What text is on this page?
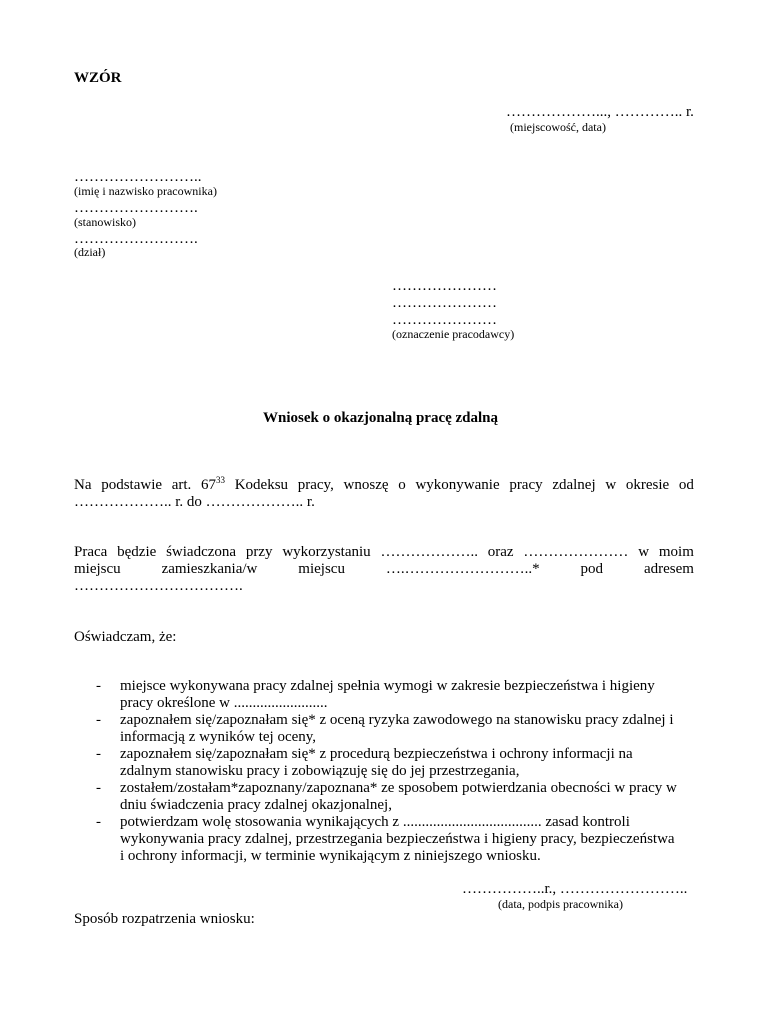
WZÓR
………………..., ………….. r.
(miejscowość, data)
……………………..
(imię i nazwisko pracownika)
…………………….
(stanowisko)
…………………….
(dział)
…………………
…………………
…………………
(oznaczenie pracodawcy)
Wniosek o okazjonalną pracę zdalną
Na podstawie art. 6733 Kodeksu pracy, wnoszę o wykonywanie pracy zdalnej w okresie od
……………….. r. do ……………….. r.
Praca będzie świadczona przy wykorzystaniu ……………….. oraz ………………… w moim
miejscu	zamieszkania/w	miejscu	….……………………..*	pod	adresem
…………………………….
Oświadczam, że:
- miejsce wykonywana pracy zdalnej spełnia wymogi w zakresie bezpieczeństwa i higieny
pracy określone w .........................
- zapoznałem się/zapoznałam się* z oceną ryzyka zawodowego na stanowisku pracy zdalnej i
informacją z wyników tej oceny,
- zapoznałem się/zapoznałam się* z procedurą bezpieczeństwa i ochrony informacji na
zdalnym stanowisku pracy i zobowiązuję się do jej przestrzegania,
- zostałem/zostałam*zapoznany/zapoznana* ze sposobem potwierdzania obecności w pracy w
dniu świadczenia pracy zdalnej okazjonalnej,
- potwierdzam wolę stosowania wynikających z ..................................... zasad kontroli
wykonywania pracy zdalnej, przestrzegania bezpieczeństwa i higieny pracy, bezpieczeństwa
i ochrony informacji, w terminie wynikającym z niniejszego wniosku.
……………..r., ……………………..
(data, podpis pracownika)
Sposób rozpatrzenia wniosku:
